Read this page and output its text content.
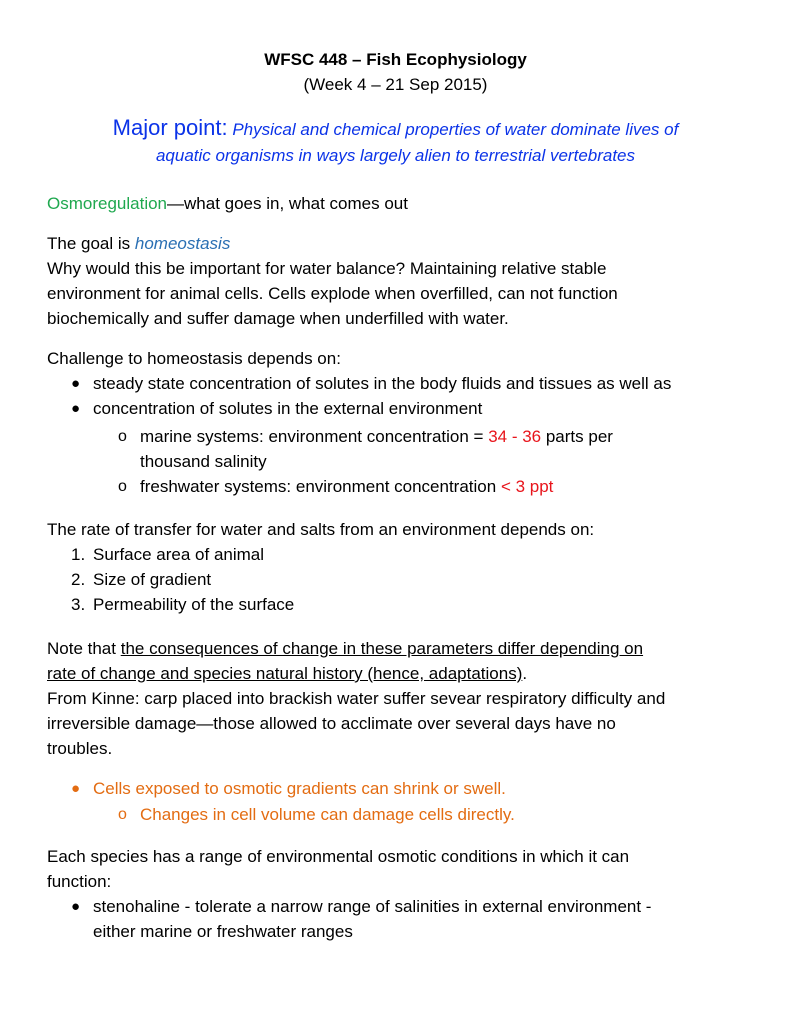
WFSC 448 – Fish Ecophysiology
(Week 4 – 21 Sep 2015)
Major point: Physical and chemical properties of water dominate lives of
aquatic organisms in ways largely alien to terrestrial vertebrates
Osmoregulation—what goes in, what comes out
The goal is homeostasis
Why would this be important for water balance? Maintaining relative stable
environment for animal cells. Cells explode when overfilled, can not function
biochemically and suffer damage when underfilled with water.
Challenge to homeostasis depends on:
● steady state concentration of solutes in the body fluids and tissues as well as
● concentration of solutes in the external environment
o marine systems: environment concentration = 34 - 36 parts per
thousand salinity
o freshwater systems: environment concentration < 3 ppt
The rate of transfer for water and salts from an environment depends on:
1. Surface area of animal
2. Size of gradient
3. Permeability of the surface
Note that the consequences of change in these parameters differ depending on
rate of change and species natural history (hence, adaptations).
From Kinne: carp placed into brackish water suffer sevear respiratory difficulty and
irreversible damage—those allowed to acclimate over several days have no
troubles.
● Cells exposed to osmotic gradients can shrink or swell.
o Changes in cell volume can damage cells directly.
Each species has a range of environmental osmotic conditions in which it can
function:
● stenohaline - tolerate a narrow range of salinities in external environment -
either marine or freshwater ranges
